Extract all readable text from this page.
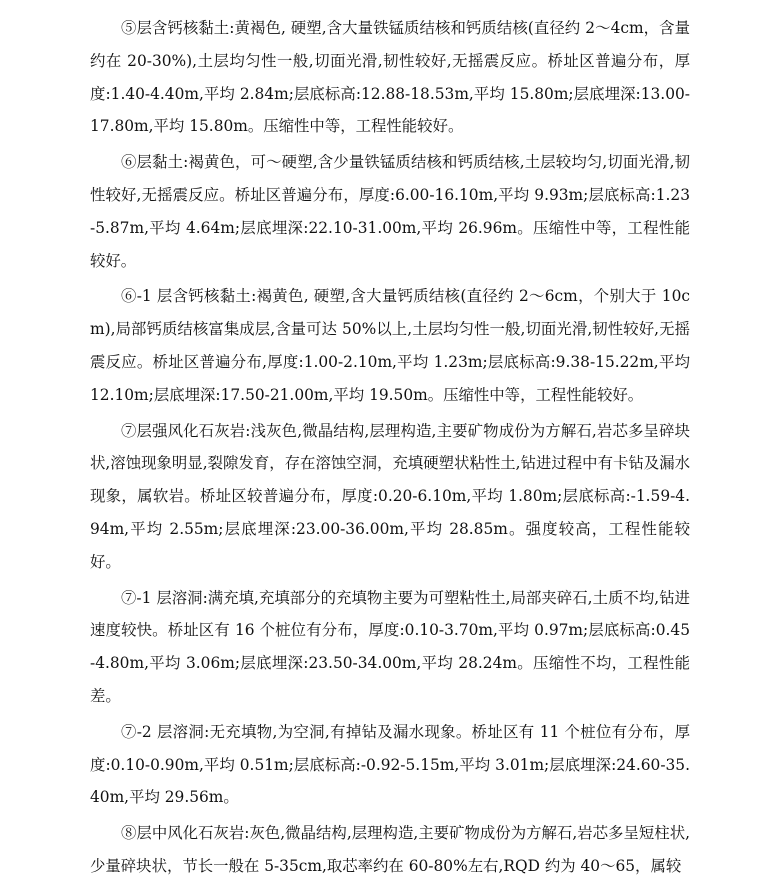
⑤层含钙核黏土:黄褐色, 硬塑,含大量铁锰质结核和钙质结核(直径约 2～4cm，含量约在 20-30%),土层均匀性一般,切面光滑,韧性较好,无摇震反应。桥址区普遍分布，厚度:1.40-4.40m,平均 2.84m;层底标高:12.88-18.53m,平均 15.80m;层底埋深:13.00-17.80m,平均 15.80m。压缩性中等，工程性能较好。

⑥层黏土:褐黄色，可～硬塑,含少量铁锰质结核和钙质结核,土层较均匀,切面光滑,韧性较好,无摇震反应。桥址区普遍分布，厚度:6.00-16.10m,平均 9.93m;层底标高:1.23-5.87m,平均 4.64m;层底埋深:22.10-31.00m,平均 26.96m。压缩性中等，工程性能较好。

⑥-1 层含钙核黏土:褐黄色, 硬塑,含大量钙质结核(直径约 2～6cm，个别大于 10cm),局部钙质结核富集成层,含量可达 50%以上,土层均匀性一般,切面光滑,韧性较好,无摇震反应。桥址区普遍分布,厚度:1.00-2.10m,平均 1.23m;层底标高:9.38-15.22m,平均 12.10m;层底埋深:17.50-21.00m,平均 19.50m。压缩性中等，工程性能较好。

⑦层强风化石灰岩:浅灰色,微晶结构,层理构造,主要矿物成份为方解石,岩芯多呈碎块状,溶蚀现象明显,裂隙发育，存在溶蚀空洞，充填硬塑状粘性土,钻进过程中有卡钻及漏水现象，属软岩。桥址区较普遍分布，厚度:0.20-6.10m,平均 1.80m;层底标高:-1.59-4.94m,平均 2.55m;层底埋深:23.00-36.00m,平均 28.85m。强度较高，工程性能较好。

⑦-1 层溶洞:满充填,充填部分的充填物主要为可塑粘性土,局部夹碎石,土质不均,钻进速度较快。桥址区有 16 个桩位有分布，厚度:0.10-3.70m,平均 0.97m;层底标高:0.45-4.80m,平均 3.06m;层底埋深:23.50-34.00m,平均 28.24m。压缩性不均，工程性能差。

⑦-2 层溶洞:无充填物,为空洞,有掉钻及漏水现象。桥址区有 11 个桩位有分布，厚度:0.10-0.90m,平均 0.51m;层底标高:-0.92-5.15m,平均 3.01m;层底埋深:24.60-35.40m,平均 29.56m。

⑧层中风化石灰岩:灰色,微晶结构,层理构造,主要矿物成份为方解石,岩芯多呈短柱状,少量碎块状，节长一般在 5-35cm,取芯率约在 60-80%左右,RQD 约为 40～65，属较
